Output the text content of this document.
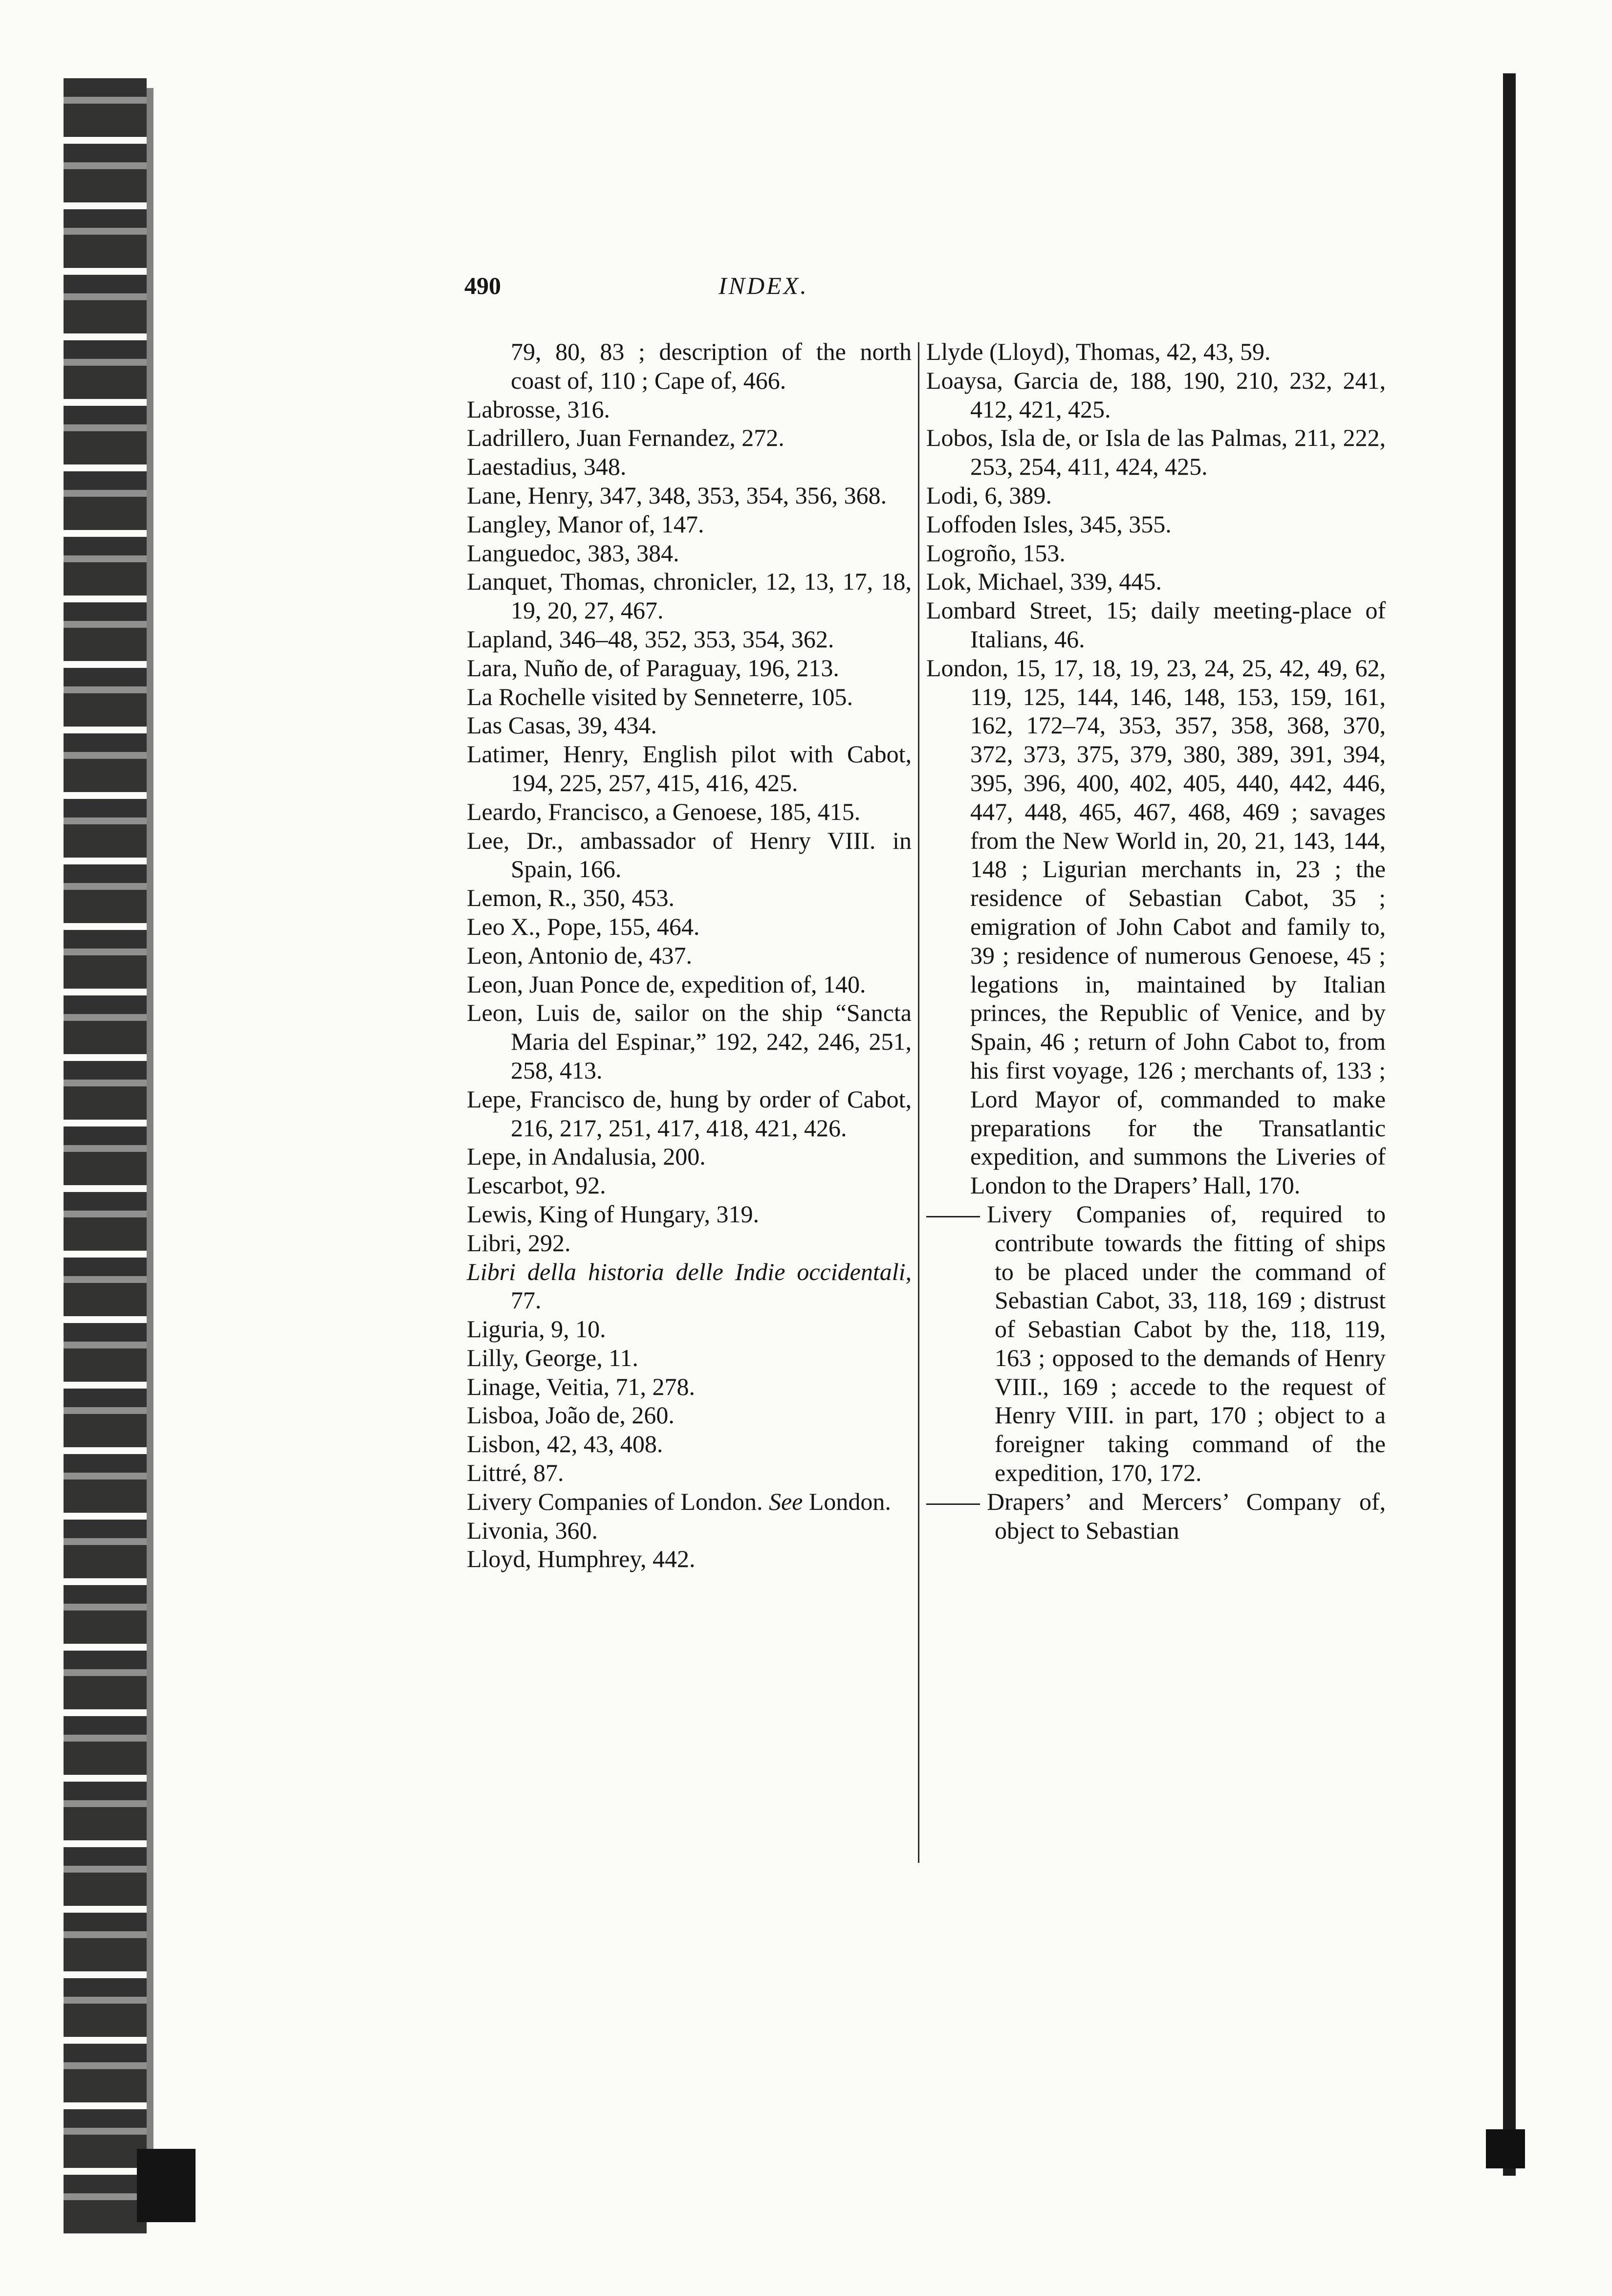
490	INDEX.

79, 80, 83 ; description of the north coast of, 110 ; Cape of, 466.

Labrosse, 316.

Ladrillero, Juan Fernandez, 272.

Laestadius, 348.

Lane, Henry, 347, 348, 353, 354, 356, 368.

Langley, Manor of, 147.

Languedoc, 383, 384.

Lanquet, Thomas, chronicler, 12, 13, 17, 18, 19, 20, 27, 467.

Lapland, 346–48, 352, 353, 354, 362.

Lara, Nuño de, of Paraguay, 196, 213.

La Rochelle visited by Senneterre, 105.

Las Casas, 39, 434.

Latimer, Henry, English pilot with Cabot, 194, 225, 257, 415, 416, 425.

Leardo, Francisco, a Genoese, 185, 415.

Lee, Dr., ambassador of Henry VIII. in Spain, 166.

Lemon, R., 350, 453.

Leo X., Pope, 155, 464.

Leon, Antonio de, 437.

Leon, Juan Ponce de, expedition of, 140.

Leon, Luis de, sailor on the ship “Sancta Maria del Espinar,” 192, 242, 246, 251, 258, 413.

Lepe, Francisco de, hung by order of Cabot, 216, 217, 251, 417, 418, 421, 426.

Lepe, in Andalusia, 200.

Lescarbot, 92.

Lewis, King of Hungary, 319.

Libri, 292.

Libri della historia delle Indie occidentali, 77.

Liguria, 9, 10.

Lilly, George, 11.

Linage, Veitia, 71, 278.

Lisboa, João de, 260.

Lisbon, 42, 43, 408.

Littré, 87.

Livery Companies of London. See London.

Livonia, 360.

Lloyd, Humphrey, 442.

Llyde (Lloyd), Thomas, 42, 43, 59.

Loaysa, Garcia de, 188, 190, 210, 232, 241, 412, 421, 425.

Lobos, Isla de, or Isla de las Palmas, 211, 222, 253, 254, 411, 424, 425.

Lodi, 6, 389.

Loffoden Isles, 345, 355.

Logroño, 153.

Lok, Michael, 339, 445.

Lombard Street, 15; daily meeting-place of Italians, 46.

London, 15, 17, 18, 19, 23, 24, 25, 42, 49, 62, 119, 125, 144, 146, 148, 153, 159, 161, 162, 172–74, 353, 357, 358, 368, 370, 372, 373, 375, 379, 380, 389, 391, 394, 395, 396, 400, 402, 405, 440, 442, 446, 447, 448, 465, 467, 468, 469 ; savages from the New World in, 20, 21, 143, 144, 148 ; Ligurian merchants in, 23 ; the residence of Sebastian Cabot, 35 ; emigration of John Cabot and family to, 39 ; residence of numerous Genoese, 45 ; legations in, maintained by Italian princes, the Republic of Venice, and by Spain, 46 ; return of John Cabot to, from his first voyage, 126 ; merchants of, 133 ; Lord Mayor of, commanded to make preparations for the Transatlantic expedition, and summons the Liveries of London to the Drapers’ Hall, 170.

Livery Companies of, required to contribute towards the fitting of ships to be placed under the command of Sebastian Cabot, 33, 118, 169 ; distrust of Sebastian Cabot by the, 118, 119, 163 ; opposed to the demands of Henry VIII., 169 ; accede to the request of Henry VIII. in part, 170 ; object to a foreigner taking command of the expedition, 170, 172.

Drapers’ and Mercers’ Company of, object to Sebastian
